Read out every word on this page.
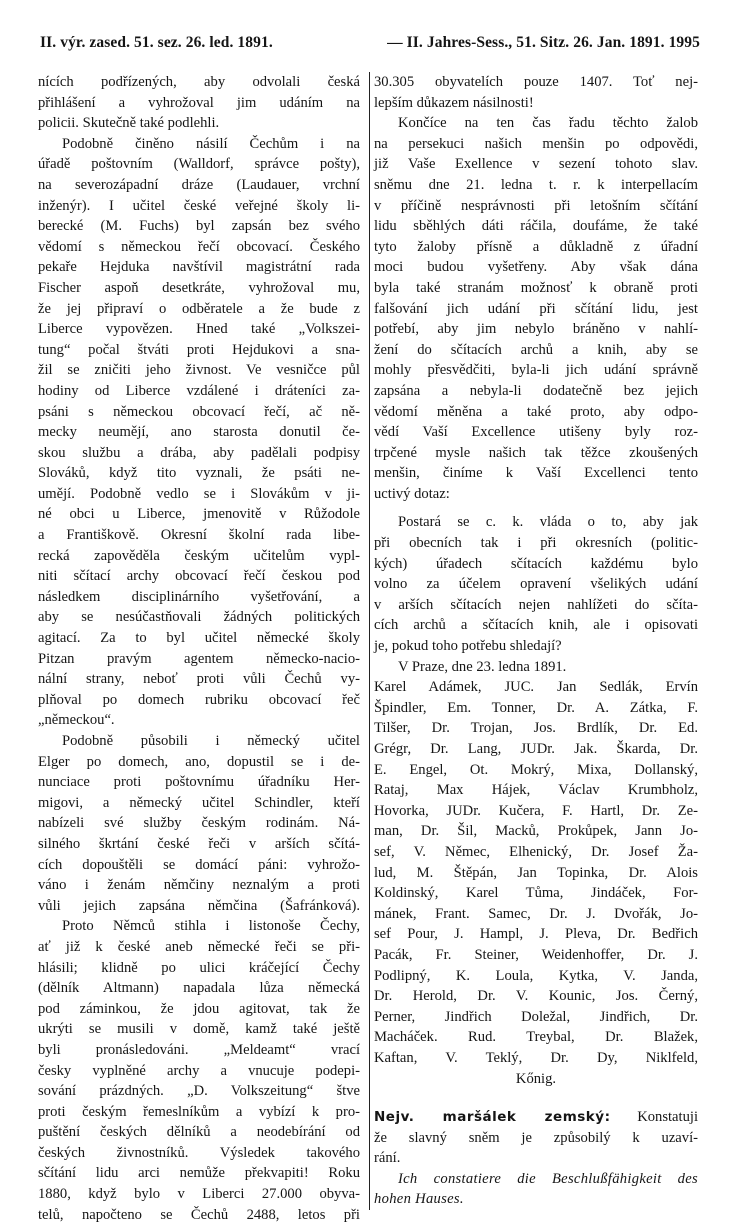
II. výr. zased. 51. sez. 26. led. 1891.	— II. Jahres-Sess., 51. Sitz. 26. Jan. 1891. 1995
nících podřízených, aby odvolali česká
přihlášení a vyhrožoval jim udáním na
policii. Skutečně také podlehli.
Podobně činěno násilí Čechům i na
úřadě poštovním (Walldorf, správce pošty),
na severozápadní dráze (Laudauer, vrchní
inženýr). I učitel české veřejné školy li-
berecké (M. Fuchs) byl zapsán bez svého
vědomí s německou řečí obcovací. Českého
pekaře Hejduka navštívil magistrátní rada
Fischer aspoň desetkráte, vyhrožoval mu,
že jej připraví o odběratele a že bude z
Liberce vypovězen. Hned také „Volkszei-
tung“ počal štváti proti Hejdukovi a sna-
žil se zničiti jeho živnost. Ve vesničce půl
hodiny od Liberce vzdálené i dráteníci za-
psáni s německou obcovací řečí, ač ně-
mecky neumějí, ano starosta donutil če-
skou službu a drába, aby padělali podpisy
Slováků, když tito vyznali, že psáti ne-
umějí. Podobně vedlo se i Slovákům v ji-
né obci u Liberce, jmenovitě v Růžodole
a Františkově. Okresní školní rada libe-
recká zapověděla českým učitelům vypl-
niti sčítací archy obcovací řečí českou pod
následkem disciplinárního vyšetřování, a
aby se nesúčastňovali žádných politických
agitací. Za to byl učitel německé školy
Pitzan pravým agentem německo-nacio-
nální strany, neboť proti vůli Čechů vy-
plňoval po domech rubriku obcovací řeč
„německou“.
Podobně působili i německý učitel
Elger po domech, ano, dopustil se i de-
nunciace proti poštovnímu úřadníku Her-
migovi, a německý učitel Schindler, kteří
nabízeli své služby českým rodinám. Ná-
silného škrtání české řeči v arších sčítá-
cích dopouštěli se domácí páni: vyhrožo-
váno i ženám němčiny neznalým a proti
vůli jejich zapsána němčina (Šafránková).
Proto Němců stihla i listonoše Čechy,
ať již k české aneb německé řeči se při-
hlásili; klidně po ulici kráčející Čechy
(dělník Altmann) napadala lůza německá
pod záminkou, že jdou agitovat, tak že
ukrýti se musili v domě, kamž také ještě
byli pronásledováni. „Meldeamt“ vrací
česky vyplněné archy a vnucuje podepi-
sování prázdných. „D. Volkszeitung“ štve
proti českým řemeslníkům a vybízí k pro-
puštění českých dělníků a neodebírání od
českých živnostníků. Výsledek takového
sčítání lidu arci nemůže překvapiti! Roku
1880, když bylo v Liberci 27.000 obyva-
telů, napočteno se Čechů 2488, letos při
30.305 obyvatelích pouze 1407. Toť nej-
lepším důkazem násilnosti!
Končíce na ten čas řadu těchto žalob
na persekuci našich menšin po odpovědi,
již Vaše Exellence v sezení tohoto slav.
sněmu dne 21. ledna t. r. k interpellacím
v příčině nesprávnosti při letošním sčítání
lidu sběhlých dáti ráčila, doufáme, že také
tyto žaloby přísně a důkladně z úřadní
moci budou vyšetřeny. Aby však dána
byla také stranám možnosť k obraně proti
falšování jich udání při sčítání lidu, jest
potřebí, aby jim nebylo bráněno v nahlí-
žení do sčítacích archů a knih, aby se
mohly přesvědčiti, byla-li jich udání správně
zapsána a nebyla-li dodatečně bez jejich
vědomí měněna a také proto, aby odpo-
vědí Vaší Excellence utišeny byly roz-
trpčené mysle našich tak těžce zkoušených
menšin, činíme k Vaší Excellenci tento
uctivý dotaz:
Postará se c. k. vláda o to, aby jak
při obecních tak i při okresních (politic-
kých) úřadech sčítacích každému bylo
volno za účelem opravení všelikých udání
v arších sčítacích nejen nahlížeti do sčíta-
cích archů a sčítacích knih, ale i opisovati
je, pokud toho potřebu shledají?
V Praze, dne 23. ledna 1891.
Karel Adámek, JUC. Jan Sedlák, Ervín
Špindler, Em. Tonner, Dr. A. Zátka, F.
Tilšer, Dr. Trojan, Jos. Brdlík, Dr. Ed.
Grégr, Dr. Lang, JUDr. Jak. Škarda, Dr.
E. Engel, Ot. Mokrý, Mixa, Dollanský,
Rataj, Max Hájek, Václav Krumbholz,
Hovorka, JUDr. Kučera, F. Hartl, Dr. Ze-
man, Dr. Šil, Macků, Prokůpek, Jann Jo-
sef, V. Němec, Elhenický, Dr. Josef Ža-
lud, M. Štěpán, Jan Topinka, Dr. Alois
Koldinský, Karel Tůma, Jindáček, For-
mánek, Frant. Samec, Dr. J. Dvořák, Jo-
sef Pour, J. Hampl, J. Pleva, Dr. Bedřich
Pacák, Fr. Steiner, Weidenhoffer, Dr. J.
Podlipný, K. Loula, Kytka, V. Janda,
Dr. Herold, Dr. V. Kounic, Jos. Černý,
Perner, Jindřich Doležal, Jindřich, Dr.
Macháček. Rud. Treybal, Dr. Blažek,
Kaftan, V. Teklý, Dr. Dy, Niklfeld,
Kőnig.
Nejv. maršálek zemský: Konstatuji
že slavný sněm je způsobilý k uzaví-
rání.
Ich constatiere die Beschlußfähigkeit des
hohen Hauses.
